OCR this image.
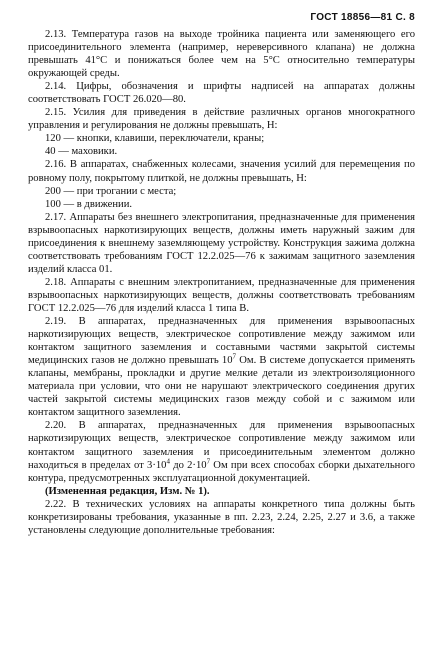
ГОСТ 18856—81 С. 8

2.13. Температура газов на выходе тройника пациента или заменяющего его присоединительного элемента (например, нереверсивного клапана) не должна превышать 41°С и понижаться более чем на 5°С относительно температуры окружающей среды.

2.14. Цифры, обозначения и шрифты надписей на аппаратах должны соответствовать ГОСТ 26.020—80.

2.15. Усилия для приведения в действие различных органов многократного управления и регулирования не должны превышать, Н:

120 — кнопки, клавиши, переключатели, краны;

40 — маховики.

2.16. В аппаратах, снабженных колесами, значения усилий для перемещения по ровному полу, покрытому плиткой, не должны превышать, Н:

200 — при трогании с места;

100 — в движении.

2.17. Аппараты без внешнего электропитания, предназначенные для применения взрывоопасных наркотизирующих веществ, должны иметь наружный зажим для присоединения к внешнему заземляющему устройству. Конструкция зажима должна соответствовать требованиям ГОСТ 12.2.025—76 к зажимам защитного заземления изделий класса 01.

2.18. Аппараты с внешним электропитанием, предназначенные для применения взрывоопасных наркотизирующих веществ, должны соответствовать требованиям ГОСТ 12.2.025—76 для изделий класса 1 типа В.

2.19. В аппаратах, предназначенных для применения взрывоопасных наркотизирующих веществ, электрическое сопротивление между зажимом или контактом защитного заземления и составными частями закрытой системы медицинских газов не должно превышать $10^7$ Ом. В системе допускается применять клапаны, мембраны, прокладки и другие мелкие детали из электроизоляционного материала при условии, что они не нарушают электрического соединения других частей закрытой системы медицинских газов между собой и с зажимом или контактом защитного заземления.

2.20. В аппаратах, предназначенных для применения взрывоопасных наркотизирующих веществ, электрическое сопротивление между зажимом или контактом защитного заземления и присоединительным элементом должно находиться в пределах от $3\cdot 10^4$ до $2\cdot 10^7$ Ом при всех способах сборки дыхательного контура, предусмотренных эксплуатационной документацией.

(Измененная редакция, Изм. № 1).

2.22. В технических условиях на аппараты конкретного типа должны быть конкретизированы требования, указанные в пп. 2.23, 2.24, 2.25, 2.27 и 3.6, а также установлены следующие дополнительные требования:
